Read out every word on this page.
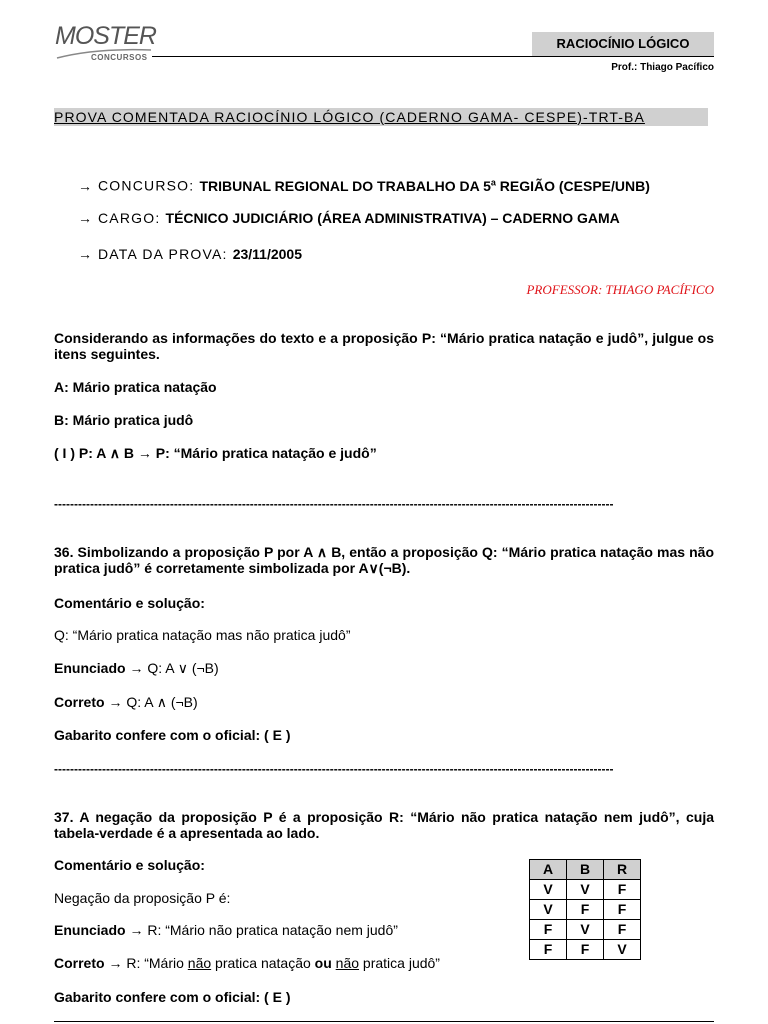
MOSTER
CONCURSOS
RACIOCÍNIO LÓGICO
Prof.: Thiago Pacífico
PROVA COMENTADA RACIOCÍNIO LÓGICO (CADERNO GAMA- CESPE)-TRT-BA
→ CONCURSO: TRIBUNAL REGIONAL DO TRABALHO DA 5$^a$ REGIÃO (CESPE/UNB)
→ CARGO: TÉCNICO JUDICIÁRIO (ÁREA ADMINISTRATIVA) – CADERNO GAMA
→ DATA DA PROVA: 23/11/2005
PROFESSOR: THIAGO PACÍFICO
Considerando as informações do texto e a proposição P: “Mário pratica natação e judô”, julgue os itens seguintes.
A: Mário pratica natação
B: Mário pratica judô
( I ) P: A ∧ B → P: “Mário pratica natação e judô”
--------------------------------------------------------------------------------------------------------------------------------------------
36. Simbolizando a proposição P por A ∧ B, então a proposição Q: “Mário pratica natação mas não pratica judô” é corretamente simbolizada por A∨(¬B).
Comentário e solução:
Q: “Mário pratica natação mas não pratica judô”
Enunciado → Q: A ∨ (¬B)
Correto → Q: A ∧ (¬B)
Gabarito confere com o oficial: ( E )
--------------------------------------------------------------------------------------------------------------------------------------------
37. A negação da proposição P é a proposição R: “Mário não pratica natação nem judô”, cuja tabela-verdade é a apresentada ao lado.
Comentário e solução:
Negação da proposição P é:
Enunciado → R: “Mário não pratica natação nem judô”
Correto → R: “Mário não pratica natação ou não pratica judô”
Gabarito confere com o oficial: ( E )
A	B	R
V	V	F
V	F	F
F	V	F
F	F	V
